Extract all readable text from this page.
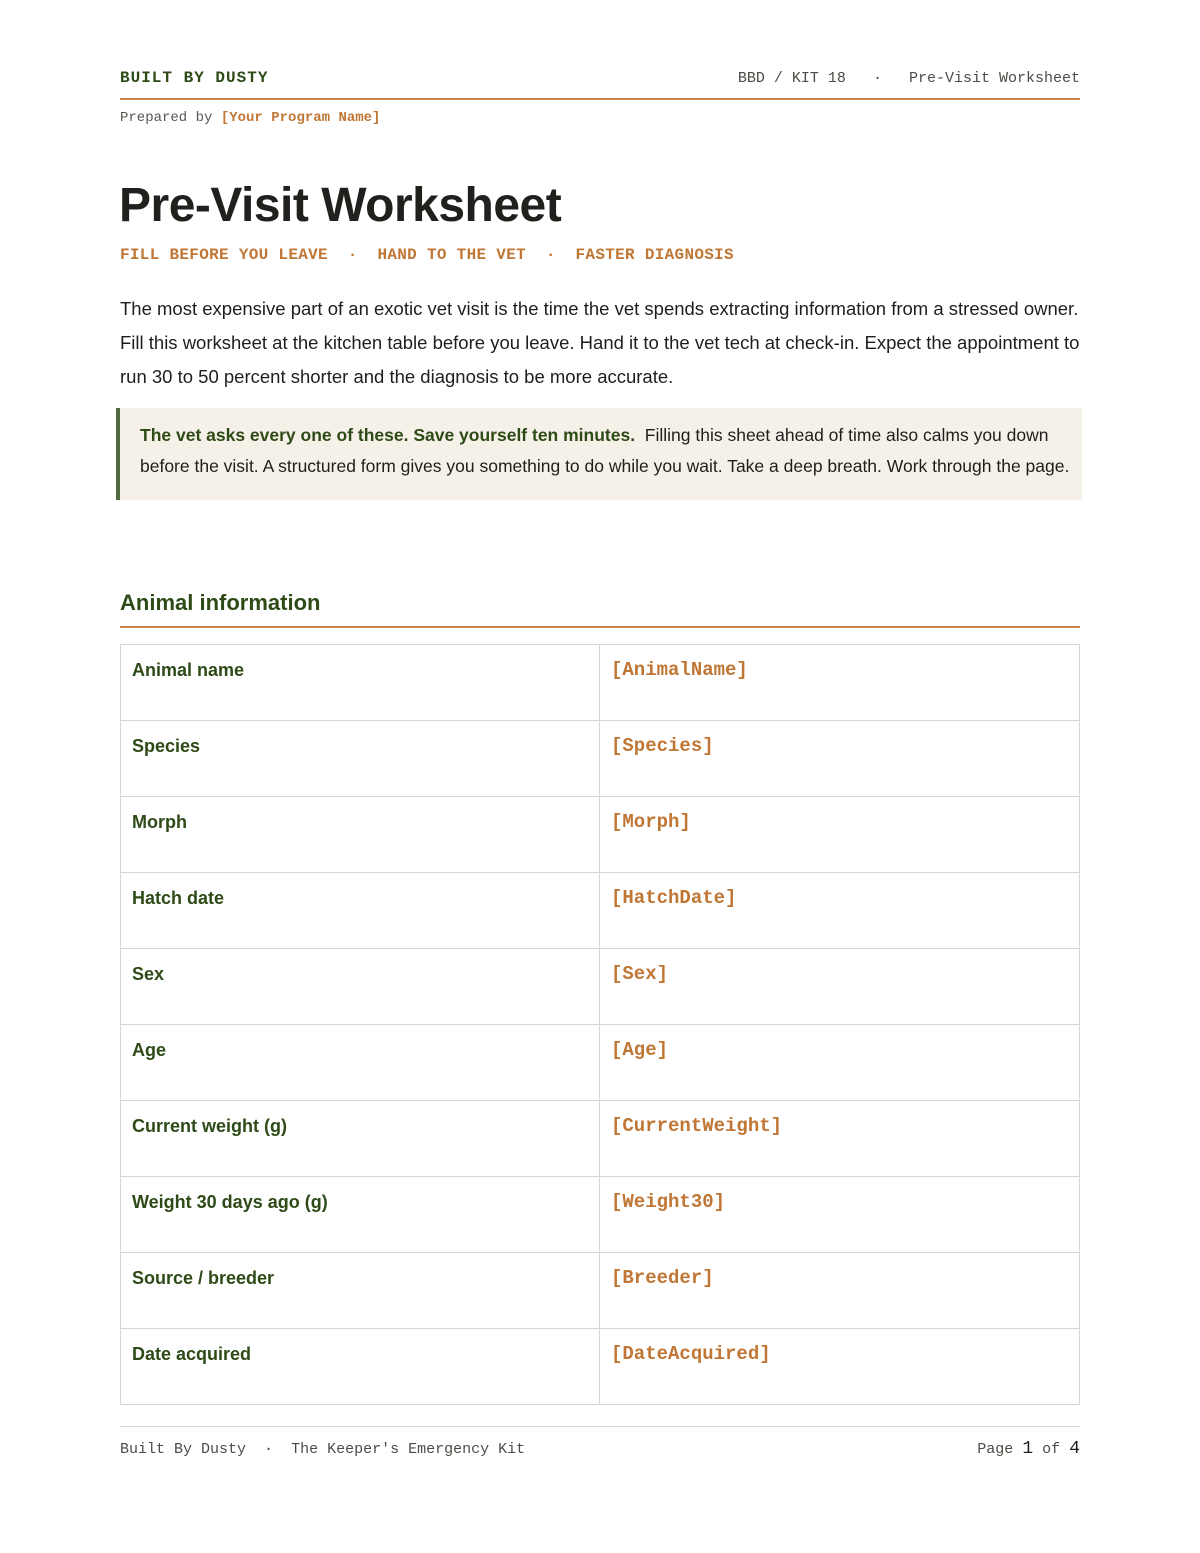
BUILT BY DUSTY	BBD / KIT 18 · Pre-Visit Worksheet
Prepared by [Your Program Name]
Pre-Visit Worksheet
FILL BEFORE YOU LEAVE · HAND TO THE VET · FASTER DIAGNOSIS

The most expensive part of an exotic vet visit is the time the vet spends extracting information from a stressed owner. Fill this worksheet at the kitchen table before you leave. Hand it to the vet tech at check-in. Expect the appointment to run 30 to 50 percent shorter and the diagnosis to be more accurate.

The vet asks every one of these. Save yourself ten minutes. Filling this sheet ahead of time also calms you down before the visit. A structured form gives you something to do while you wait. Take a deep breath. Work through the page.
Animal information
Animal name	[AnimalName]
Species	[Species]
Morph	[Morph]
Hatch date	[HatchDate]
Sex	[Sex]
Age	[Age]
Current weight (g)	[CurrentWeight]
Weight 30 days ago (g)	[Weight30]
Source / breeder	[Breeder]
Date acquired	[DateAcquired]
Built By Dusty · The Keeper's Emergency Kit	Page 1 of 4
